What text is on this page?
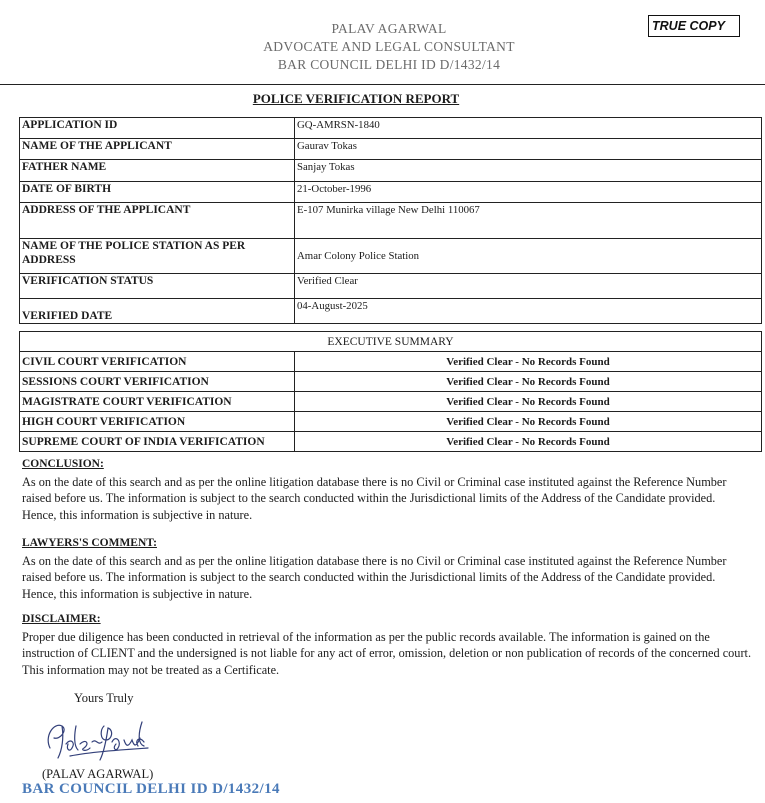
PALAV AGARWAL
ADVOCATE AND LEGAL CONSULTANT
BAR COUNCIL DELHI ID D/1432/14
TRUE COPY
POLICE VERIFICATION REPORT
APPLICATION ID	GQ-AMRSN-1840
NAME OF THE APPLICANT	Gaurav Tokas
FATHER NAME	Sanjay Tokas
DATE OF BIRTH	21-October-1996
ADDRESS OF THE APPLICANT	E-107 Munirka village New Delhi 110067
NAME OF THE POLICE STATION AS PER ADDRESS	Amar Colony Police Station
VERIFICATION STATUS	Verified Clear
VERIFIED DATE	04-August-2025
EXECUTIVE SUMMARY	
CIVIL COURT VERIFICATION	Verified Clear - No Records Found
SESSIONS COURT VERIFICATION	Verified Clear - No Records Found
MAGISTRATE COURT VERIFICATION	Verified Clear - No Records Found
HIGH COURT VERIFICATION	Verified Clear - No Records Found
SUPREME COURT OF INDIA VERIFICATION	Verified Clear - No Records Found
CONCLUSION:
As on the date of this search and as per the online litigation database there is no Civil or Criminal case instituted against the Reference Number raised before us. The information is subject to the search conducted within the Jurisdictional limits of the Address of the Candidate provided. Hence, this information is subjective in nature.
LAWYERS'S COMMENT:
As on the date of this search and as per the online litigation database there is no Civil or Criminal case instituted against the Reference Number raised before us. The information is subject to the search conducted within the Jurisdictional limits of the Address of the Candidate provided. Hence, this information is subjective in nature.
DISCLAIMER:
Proper due diligence has been conducted in retrieval of the information as per the public records available. The information is gained on the instruction of CLIENT and the undersigned is not liable for any act of error, omission, deletion or non publication of records of the concerned court. This information may not be treated as a Certificate.
Yours Truly
(PALAV AGARWAL)
BAR COUNCIL DELHI ID D/1432/14
